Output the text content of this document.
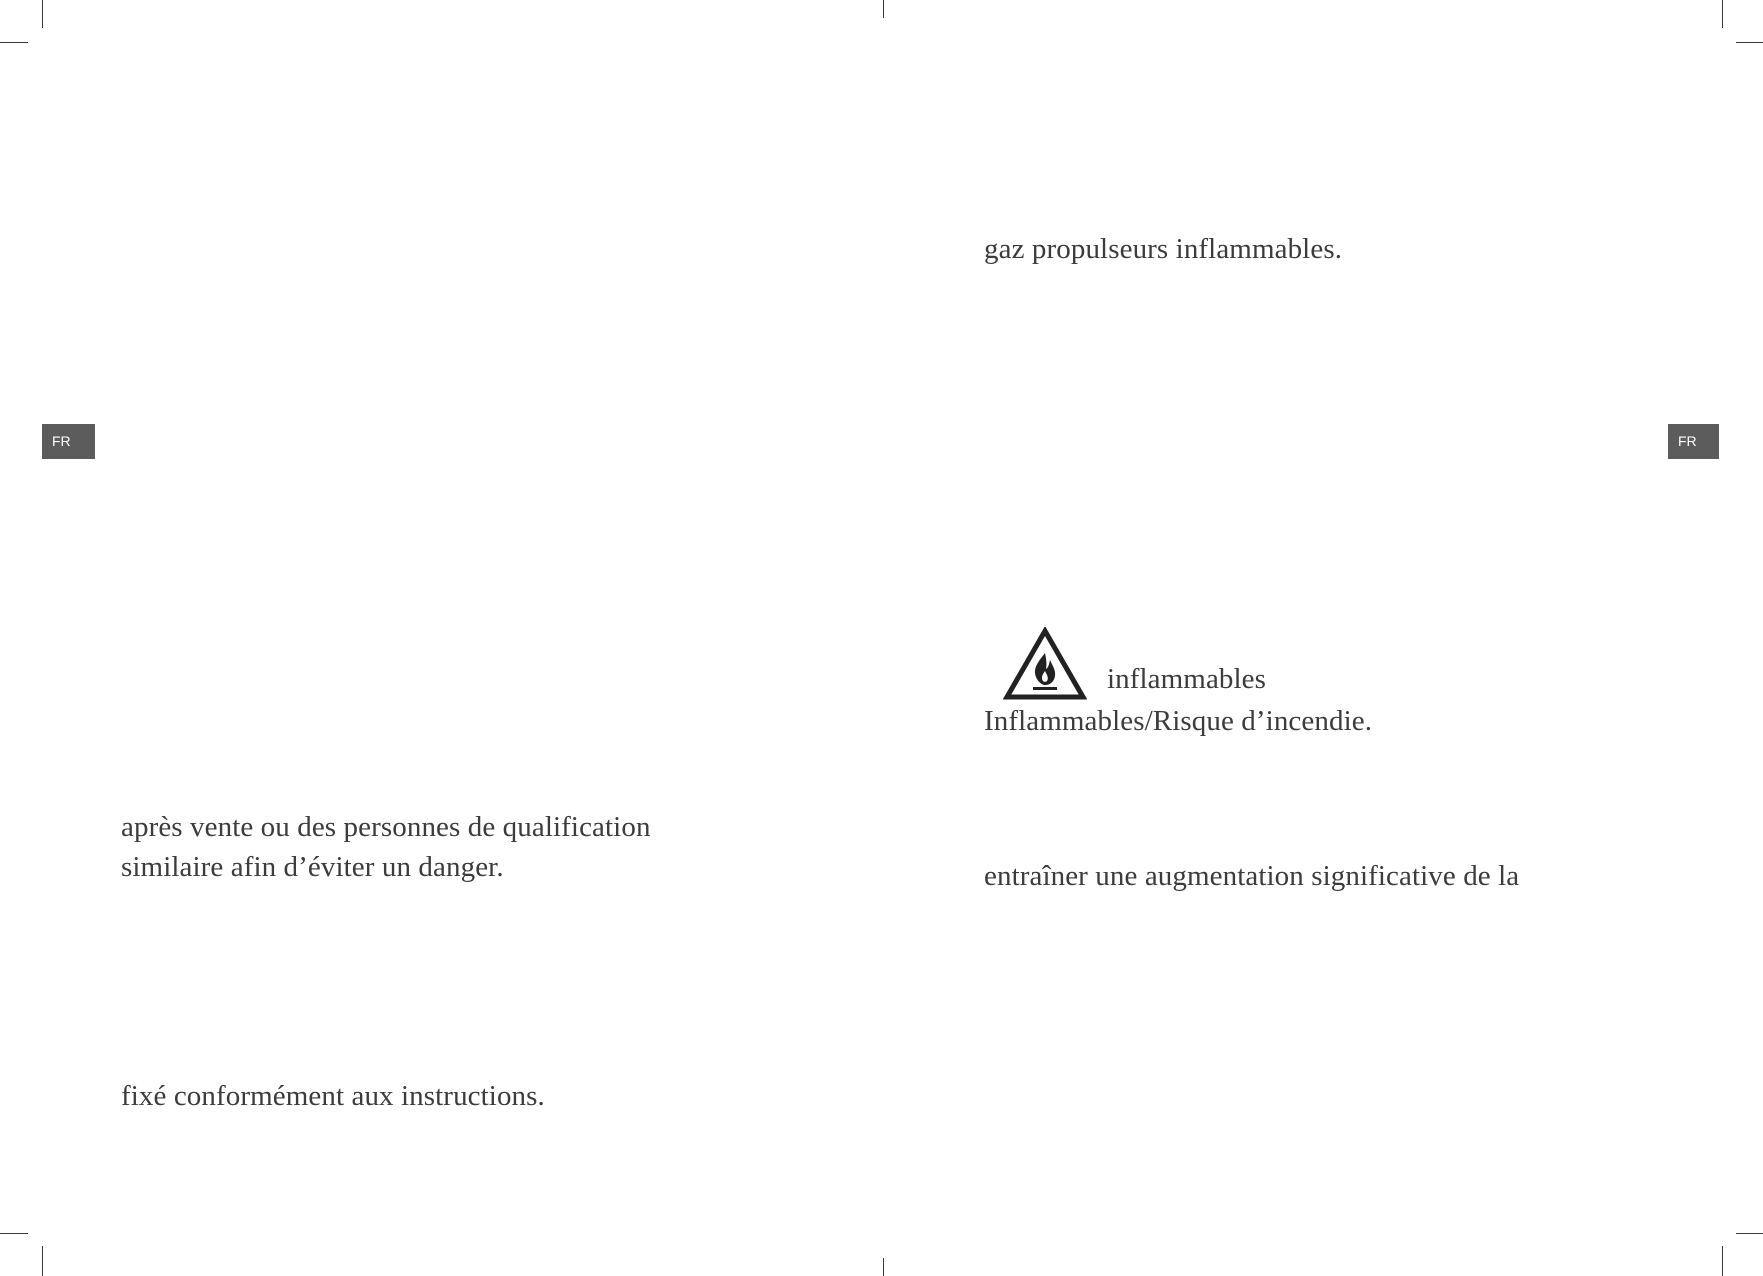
FR
après vente ou des personnes de qualification
similaire afin d’éviter un danger.
fixé conformément aux instructions.
FR
gaz propulseurs inflammables.
inflammables
Inflammables/Risque d’incendie.
entraîner une augmentation significative de la
